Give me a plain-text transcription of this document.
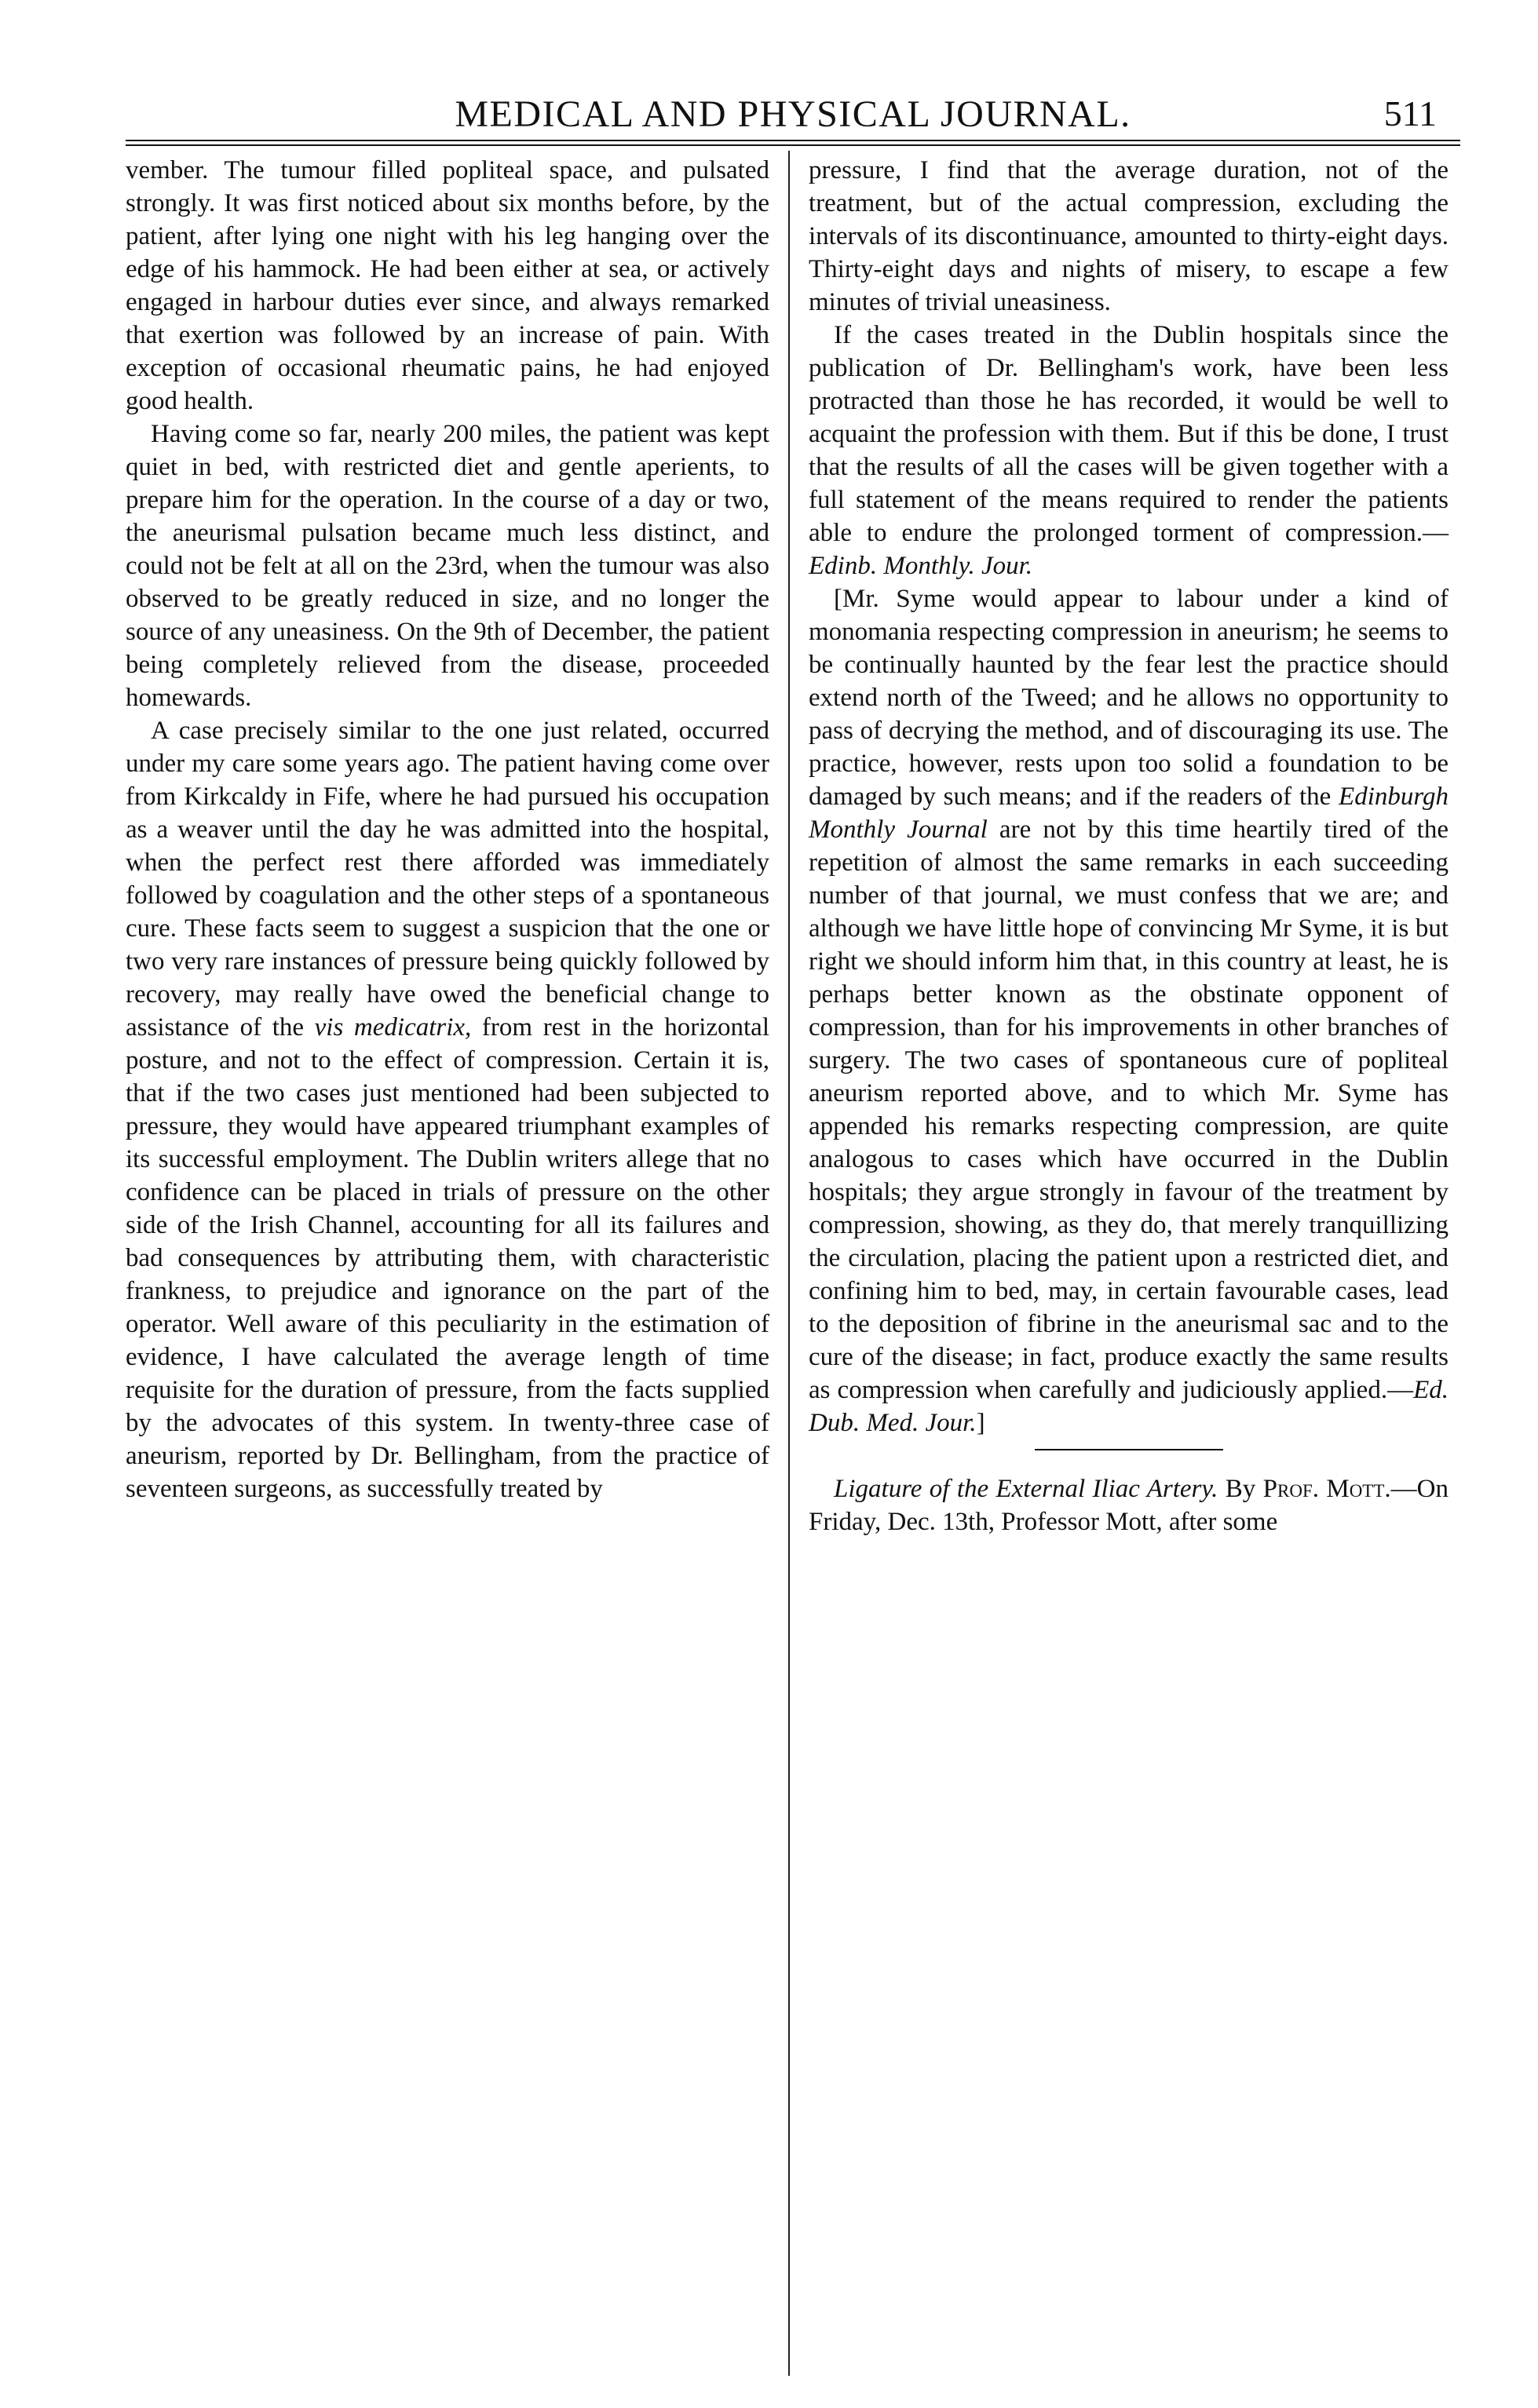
MEDICAL AND PHYSICAL JOURNAL.	511

vember. The tumour filled popliteal space, and pulsated strongly. It was first noticed about six months before, by the patient, after lying one night with his leg hanging over the edge of his hammock. He had been either at sea, or actively engaged in harbour duties ever since, and always remarked that exertion was followed by an increase of pain. With exception of occasional rheumatic pains, he had enjoyed good health.

Having come so far, nearly 200 miles, the patient was kept quiet in bed, with restricted diet and gentle aperients, to prepare him for the operation. In the course of a day or two, the aneurismal pulsation became much less distinct, and could not be felt at all on the 23rd, when the tumour was also observed to be greatly reduced in size, and no longer the source of any uneasiness. On the 9th of December, the patient being completely relieved from the disease, proceeded homewards.

A case precisely similar to the one just related, occurred under my care some years ago. The patient having come over from Kirkcaldy in Fife, where he had pursued his occupation as a weaver until the day he was admitted into the hospital, when the perfect rest there afforded was immediately followed by coagulation and the other steps of a spontaneous cure. These facts seem to suggest a suspicion that the one or two very rare instances of pressure being quickly followed by recovery, may really have owed the beneficial change to assistance of the vis medicatrix, from rest in the horizontal posture, and not to the effect of compression. Certain it is, that if the two cases just mentioned had been subjected to pressure, they would have appeared triumphant examples of its successful employment. The Dublin writers allege that no confidence can be placed in trials of pressure on the other side of the Irish Channel, accounting for all its failures and bad consequences by attributing them, with characteristic frankness, to prejudice and ignorance on the part of the operator. Well aware of this peculiarity in the estimation of evidence, I have calculated the average length of time requisite for the duration of pressure, from the facts supplied by the advocates of this system. In twenty-three case of aneurism, reported by Dr. Bellingham, from the practice of seventeen surgeons, as successfully treated by

pressure, I find that the average duration, not of the treatment, but of the actual compression, excluding the intervals of its discontinuance, amounted to thirty-eight days. Thirty-eight days and nights of misery, to escape a few minutes of trivial uneasiness.

If the cases treated in the Dublin hospitals since the publication of Dr. Bellingham's work, have been less protracted than those he has recorded, it would be well to acquaint the profession with them. But if this be done, I trust that the results of all the cases will be given together with a full statement of the means required to render the patients able to endure the prolonged torment of compression.—Edinb. Monthly. Jour.

[Mr. Syme would appear to labour under a kind of monomania respecting compression in aneurism; he seems to be continually haunted by the fear lest the practice should extend north of the Tweed; and he allows no opportunity to pass of decrying the method, and of discouraging its use. The practice, however, rests upon too solid a foundation to be damaged by such means; and if the readers of the Edinburgh Monthly Journal are not by this time heartily tired of the repetition of almost the same remarks in each succeeding number of that journal, we must confess that we are; and although we have little hope of convincing Mr Syme, it is but right we should inform him that, in this country at least, he is perhaps better known as the obstinate opponent of compression, than for his improvements in other branches of surgery. The two cases of spontaneous cure of popliteal aneurism reported above, and to which Mr. Syme has appended his remarks respecting compression, are quite analogous to cases which have occurred in the Dublin hospitals; they argue strongly in favour of the treatment by compression, showing, as they do, that merely tranquillizing the circulation, placing the patient upon a restricted diet, and confining him to bed, may, in certain favourable cases, lead to the deposition of fibrine in the aneurismal sac and to the cure of the disease; in fact, produce exactly the same results as compression when carefully and judiciously applied.—Ed. Dub. Med. Jour.]

Ligature of the External Iliac Artery. By Prof. Mott.—On Friday, Dec. 13th, Professor Mott, after some
